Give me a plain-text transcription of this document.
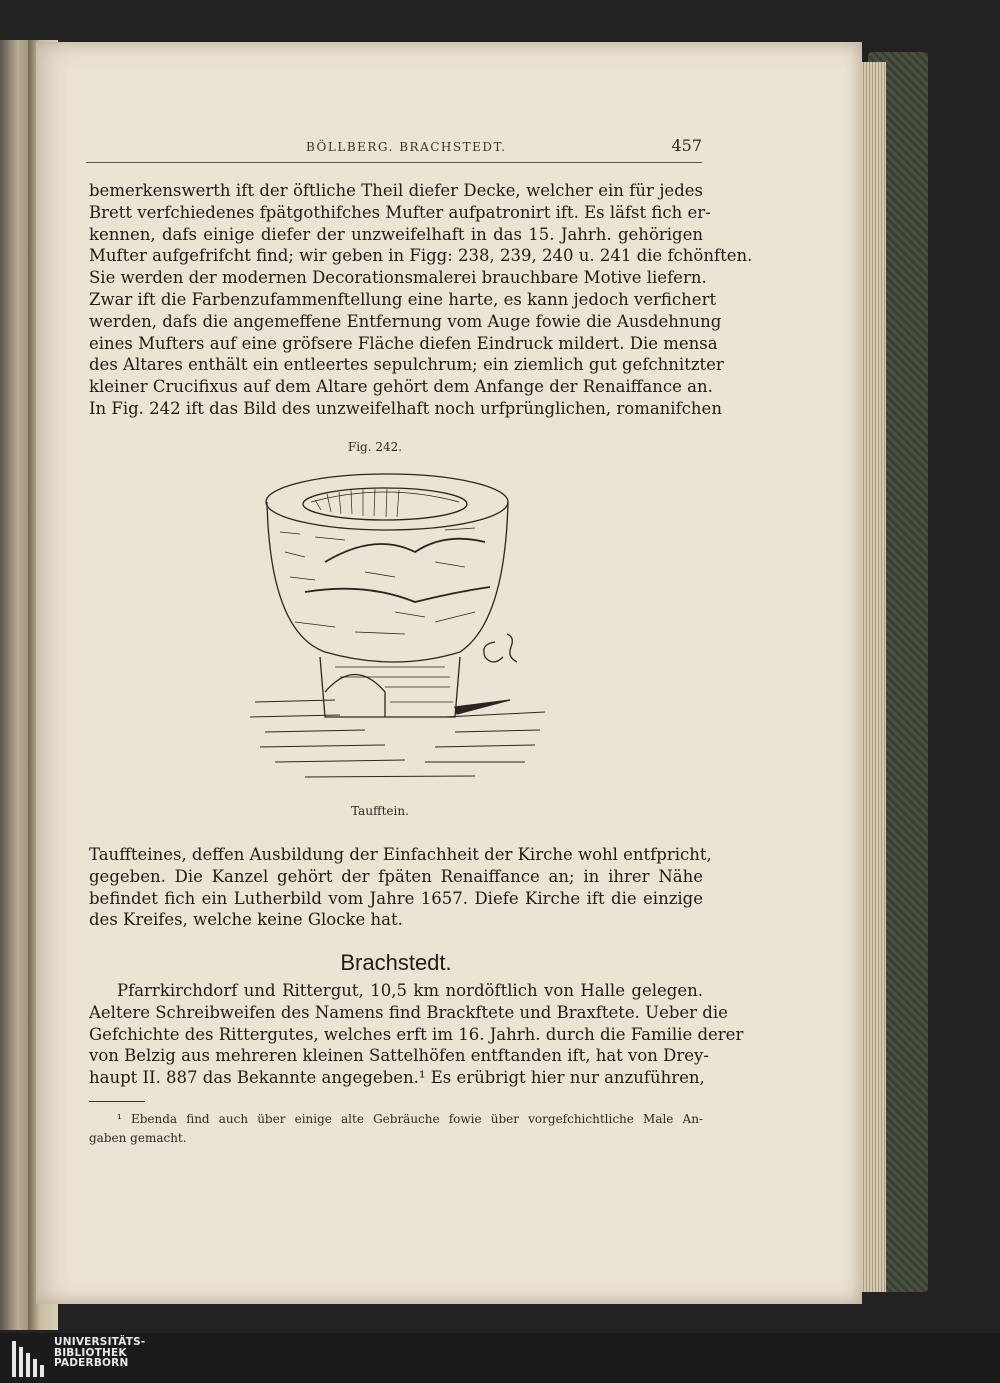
BÖLLBERG. BRACHSTEDT.	457
bemerkenswerth ift der öftliche Theil diefer Decke, welcher ein für jedes
Brett verfchiedenes fpätgothifches Mufter aufpatronirt ift. Es läfst fich er-
kennen, dafs einige diefer der unzweifelhaft in das 15. Jahrh. gehörigen
Mufter aufgefrifcht find; wir geben in Figg: 238, 239, 240 u. 241 die fchönften.
Sie werden der modernen Decorationsmalerei brauchbare Motive liefern.
Zwar ift die Farbenzufammenftellung eine harte, es kann jedoch verfichert
werden, dafs die angemeffene Entfernung vom Auge fowie die Ausdehnung
eines Mufters auf eine gröfsere Fläche diefen Eindruck mildert. Die mensa
des Altares enthält ein entleertes sepulchrum; ein ziemlich gut gefchnitzter
kleiner Crucifixus auf dem Altare gehört dem Anfange der Renaiffance an.
In Fig. 242 ift das Bild des unzweifelhaft noch urfprünglichen, romanifchen
Fig. 242.
Taufftein.
Tauffteines, deffen Ausbildung der Einfachheit der Kirche wohl entfpricht,
gegeben. Die Kanzel gehört der fpäten Renaiffance an; in ihrer Nähe
befindet fich ein Lutherbild vom Jahre 1657. Diefe Kirche ift die einzige
des Kreifes, welche keine Glocke hat.
Brachstedt.
Pfarrkirchdorf und Rittergut, 10,5 km nordöftlich von Halle gelegen.
Aeltere Schreibweifen des Namens find Brackftete und Braxftete. Ueber die
Gefchichte des Rittergutes, welches erft im 16. Jahrh. durch die Familie derer
von Belzig aus mehreren kleinen Sattelhöfen entftanden ift, hat von Drey-
haupt II. 887 das Bekannte angegeben.¹ Es erübrigt hier nur anzuführen,
¹ Ebenda find auch über einige alte Gebräuche fowie über vorgefchichtliche Male An-
gaben gemacht.
UNIVERSITÄTS-
BIBLIOTHEK
PADERBORN
